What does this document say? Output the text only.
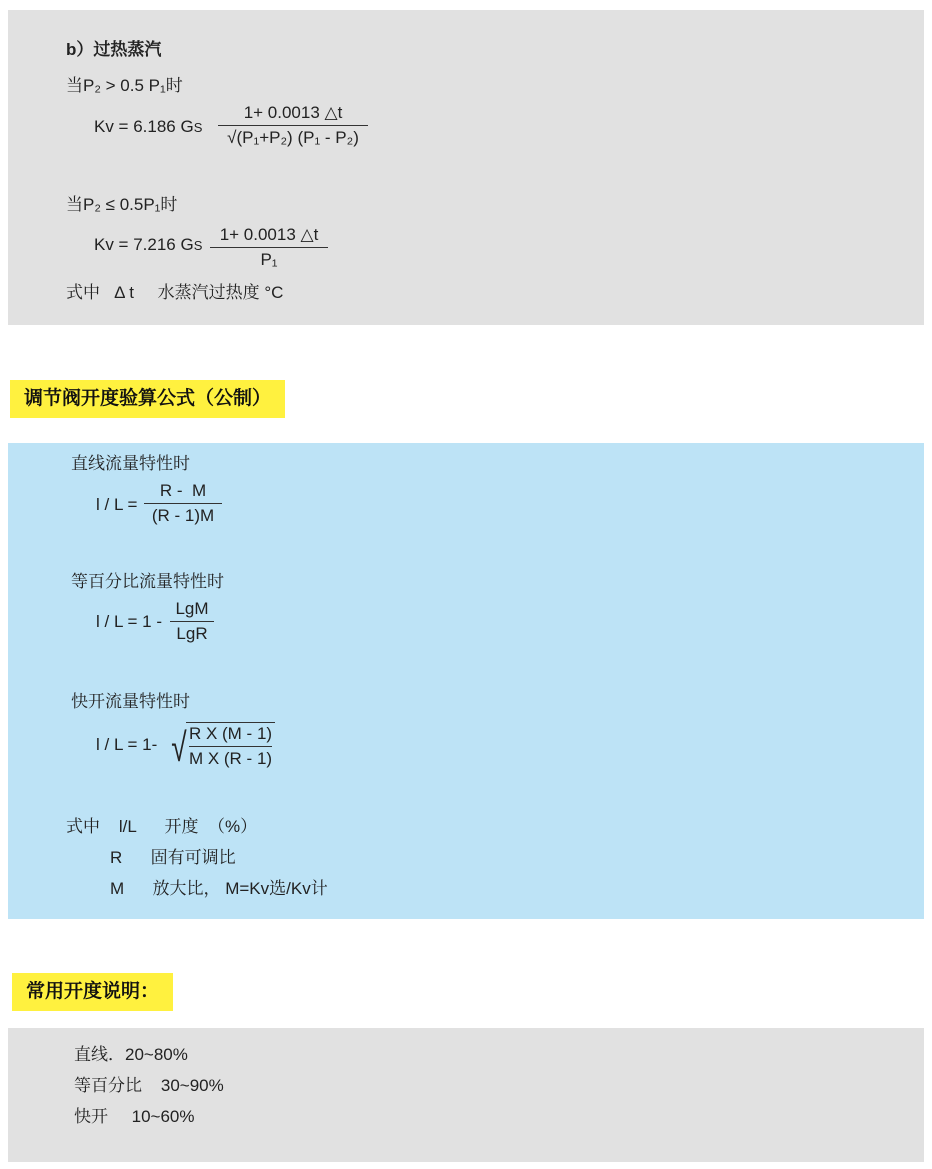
b）过热蒸汽
当P₂ > 0.5 P₁时
Kv = 6.186 GS
1+ 0.0013 △t
√(P₁+P₂) (P₁ - P₂)
当P₂ ≤ 0.5P₁时
Kv = 7.216 GS
1+ 0.0013 △t
P₁
式中   Δ t     水蒸汽过热度 °C
调节阀开度验算公式（公制）
直线流量特性时
l / L =
R -  M
(R - 1)M
等百分比流量特性时
l / L = 1 -
LgM
LgR
快开流量特性时
l / L = 1- √ $\frac{\text{R X (M - 1)}}{\text{M X (R - 1)}}$
式中    l/L      开度  （%）
R      固有可调比
M      放大比， M=Kv选/Kv计
常用开度说明：
直线．20~80%
等百分比    30~90%
快开     10~60%
